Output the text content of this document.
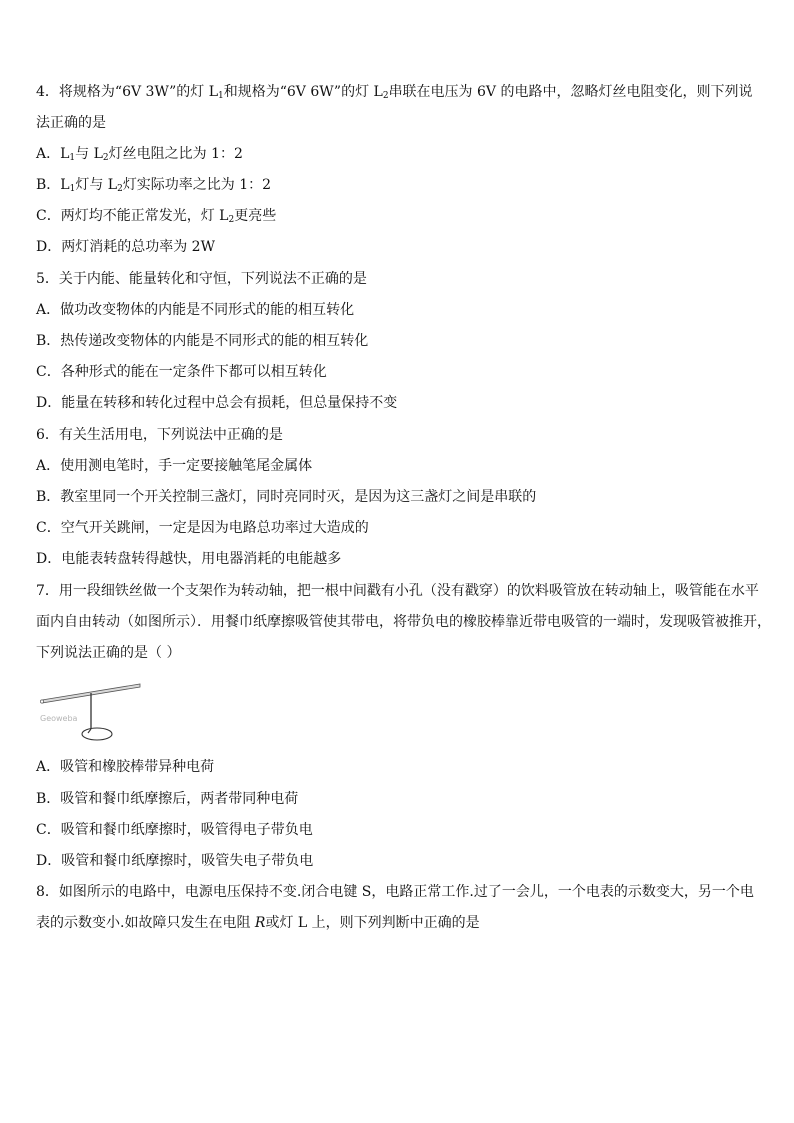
4．将规格为“6V 3W”的灯 $L_1$和规格为“6V 6W”的灯 $L_2$串联在电压为 6V 的电路中，忽略灯丝电阻变化，则下列说
法正确的是
A．$L_1$与 $L_2$灯丝电阻之比为 1：2
B．$L_1$灯与 $L_2$灯实际功率之比为 1：2
C．两灯均不能正常发光，灯 $L_2$更亮些
D．两灯消耗的总功率为 2W
5．关于内能、能量转化和守恒，下列说法不正确的是
A．做功改变物体的内能是不同形式的能的相互转化
B．热传递改变物体的内能是不同形式的能的相互转化
C．各种形式的能在一定条件下都可以相互转化
D．能量在转移和转化过程中总会有损耗，但总量保持不变
6．有关生活用电，下列说法中正确的是
A．使用测电笔时，手一定要接触笔尾金属体
B．教室里同一个开关控制三盏灯，同时亮同时灭，是因为这三盏灯之间是串联的
C．空气开关跳闸，一定是因为电路总功率过大造成的
D．电能表转盘转得越快，用电器消耗的电能越多
7．用一段细铁丝做一个支架作为转动轴，把一根中间戳有小孔（没有戳穿）的饮料吸管放在转动轴上，吸管能在水平
面内自由转动（如图所示）．用餐巾纸摩擦吸管使其带电，将带负电的橡胶棒靠近带电吸管的一端时，发现吸管被推开，
下列说法正确的是（ ）
Geoweba
A．吸管和橡胶棒带异种电荷
B．吸管和餐巾纸摩擦后，两者带同种电荷
C．吸管和餐巾纸摩擦时，吸管得电子带负电
D．吸管和餐巾纸摩擦时，吸管失电子带负电
8．如图所示的电路中，电源电压保持不变.闭合电键 S，电路正常工作.过了一会儿，一个电表的示数变大，另一个电
表的示数变小.如故障只发生在电阻 R或灯 L 上，则下列判断中正确的是
